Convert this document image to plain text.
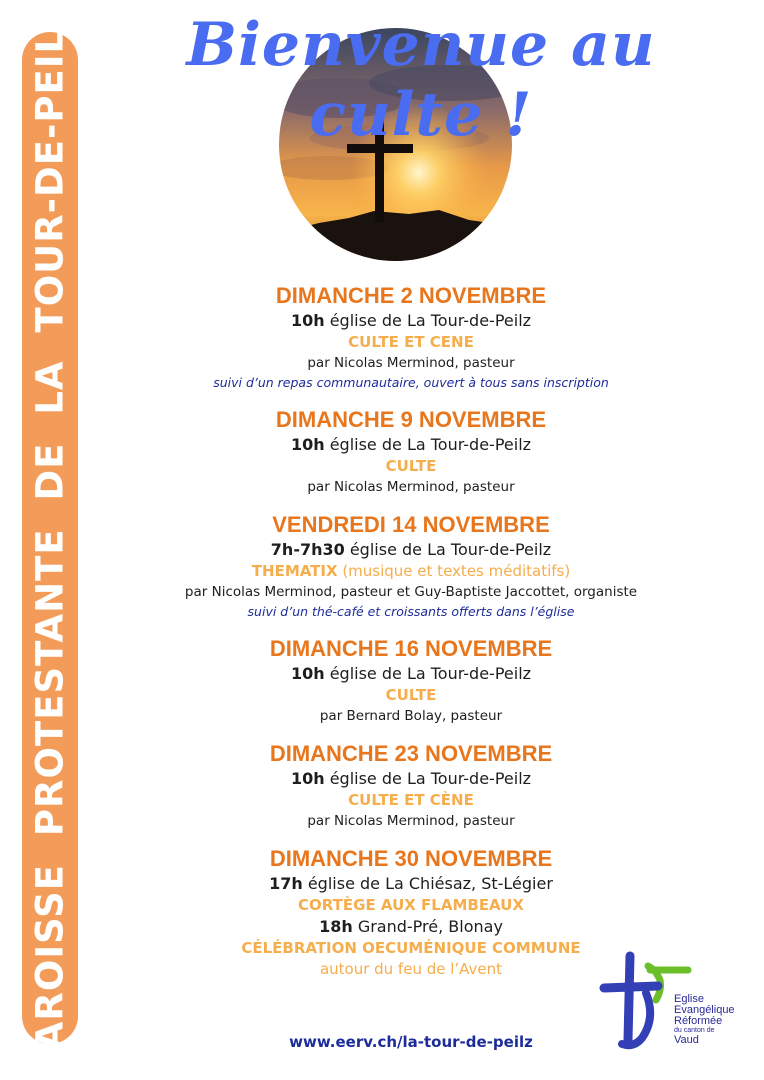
PAROISSE PROTESTANTE DE LA TOUR-DE-PEILZ	Bienvenue au culte !
DIMANCHE 2 NOVEMBRE
10h église de La Tour-de-Peilz
CULTE ET CENE
par Nicolas Merminod, pasteur
suivi d’un repas communautaire, ouvert à tous sans inscription
DIMANCHE 9 NOVEMBRE
10h église de La Tour-de-Peilz
CULTE
par Nicolas Merminod, pasteur
VENDREDI 14 NOVEMBRE
7h-7h30 église de La Tour-de-Peilz
THEMATIX (musique et textes méditatifs)
par Nicolas Merminod, pasteur et Guy-Baptiste Jaccottet, organiste
suivi d’un thé-café et croissants offerts dans l’église
DIMANCHE 16 NOVEMBRE
10h église de La Tour-de-Peilz
CULTE
par Bernard Bolay, pasteur
DIMANCHE 23 NOVEMBRE
10h église de La Tour-de-Peilz
CULTE ET CÈNE
par Nicolas Merminod, pasteur
DIMANCHE 30 NOVEMBRE
17h église de La Chiésaz, St-Légier
CORTÈGE AUX FLAMBEAUX
18h Grand-Pré, Blonay
CÉLÉBRATION OECUMÉNIQUE COMMUNE
autour du feu de l’Avent
www.eerv.ch/la-tour-de-peilz
Eglise
Evangélique
Réformée
du canton de
Vaud
